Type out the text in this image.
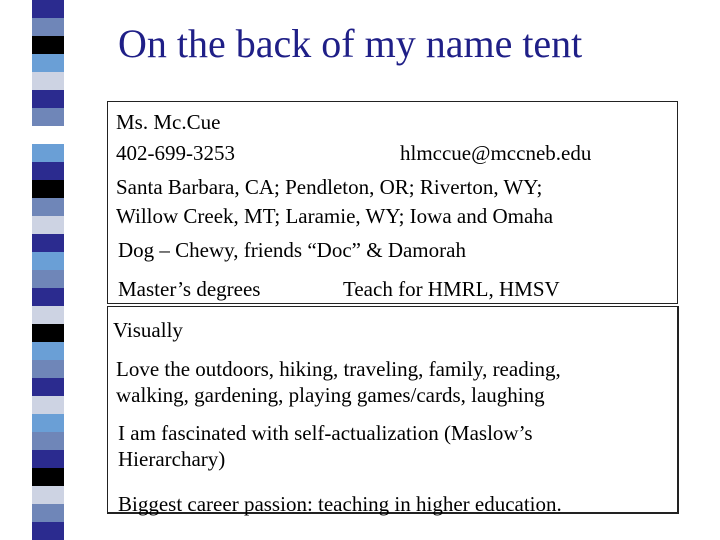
On the back of my name tent
Ms. Mc.Cue
402-699-3253	hlmccue@mccneb.edu
Santa Barbara, CA; Pendleton, OR; Riverton, WY;
Willow Creek, MT; Laramie, WY; Iowa and Omaha
Dog – Chewy, friends “Doc” & Damorah
Master’s degrees	Teach for HMRL, HMSV
Visually
Love the outdoors, hiking, traveling, family, reading,
walking, gardening, playing games/cards, laughing
I am fascinated with self-actualization (Maslow’s
Hierarchary)
Biggest career passion: teaching in higher education.
